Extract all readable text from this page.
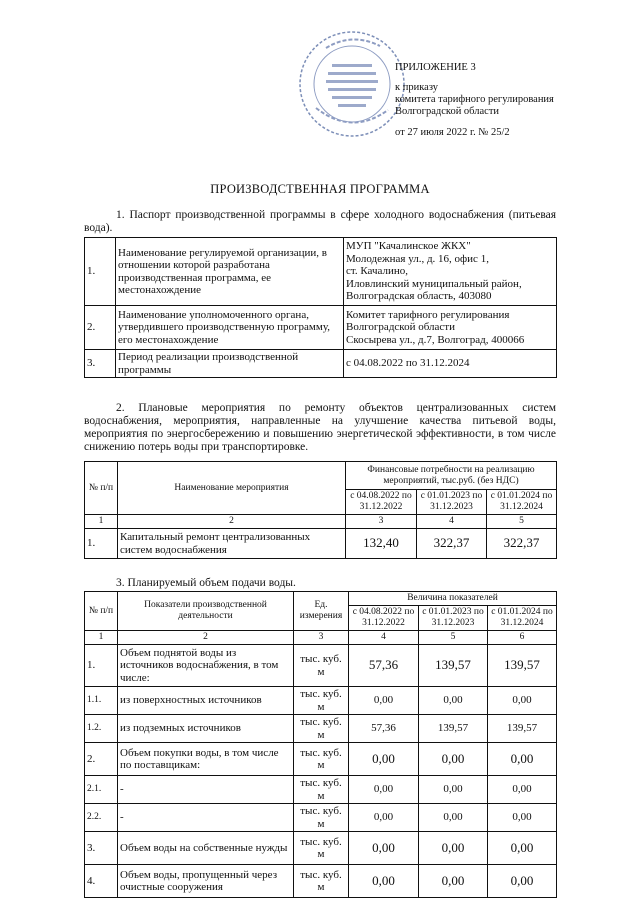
ПРИЛОЖЕНИЕ 3

к приказу

комитета тарифного регулирования

Волгоградской области

от 27 июля 2022 г. № 25/2

ПРОИЗВОДСТВЕННАЯ ПРОГРАММА
1. Паспорт производственной программы в сфере холодного водоснабжения (питьевая вода).
1.	Наименование регулируемой организации, в отношении которой разработана производственная программа, ее местонахождение	МУП "Качалинское ЖКХ"
Молодежная ул., д. 16, офис 1,
ст. Качалино,
Иловлинский муниципальный район,
Волгоградская область, 403080

2.	Наименование уполномоченного органа, утвердившего производственную программу, его местонахождение	Комитет тарифного регулирования
Волгоградской области
Скосырева ул., д.7, Волгоград, 400066

3.	Период реализации производственной программы	с 04.08.2022 по 31.12.2024
2. Плановые мероприятия по ремонту объектов централизованных систем водоснабжения, мероприятия, направленные на улучшение качества питьевой воды, мероприятия по энергосбережению и повышению энергетической эффективности, в том числе снижению потерь воды при транспортировке.
№ п/п	Наименование мероприятия	Финансовые потребности на реализацию мероприятий, тыс.руб. (без НДС)		
		с 04.08.2022 по 31.12.2022	с 01.01.2023 по 31.12.2023	с 01.01.2024 по 31.12.2024
1	2	3	4	5
1.	Капитальный ремонт централизованных систем водоснабжения	132,40	322,37	322,37
3. Планируемый объем подачи воды.
№ п/п	Показатели производственной деятельности	Ед. измерения	Величина показателей		
			с 04.08.2022 по 31.12.2022	с 01.01.2023 по 31.12.2023	с 01.01.2024 по 31.12.2024
1	2	3	4	5	6
1.	Объем поднятой воды из источников водоснабжения, в том числе:	тыс. куб. м	57,36	139,57	139,57
1.1.	из поверхностных источников	тыс. куб. м	0,00	0,00	0,00
1.2.	из подземных источников	тыс. куб. м	57,36	139,57	139,57
2.	Объем покупки воды, в том числе по поставщикам:	тыс. куб. м	0,00	0,00	0,00
2.1.	-	тыс. куб. м	0,00	0,00	0,00
2.2.	-	тыс. куб. м	0,00	0,00	0,00
3.	Объем воды на собственные нужды	тыс. куб. м	0,00	0,00	0,00
4.	Объем воды, пропущенный через очистные сооружения	тыс. куб. м	0,00	0,00	0,00
